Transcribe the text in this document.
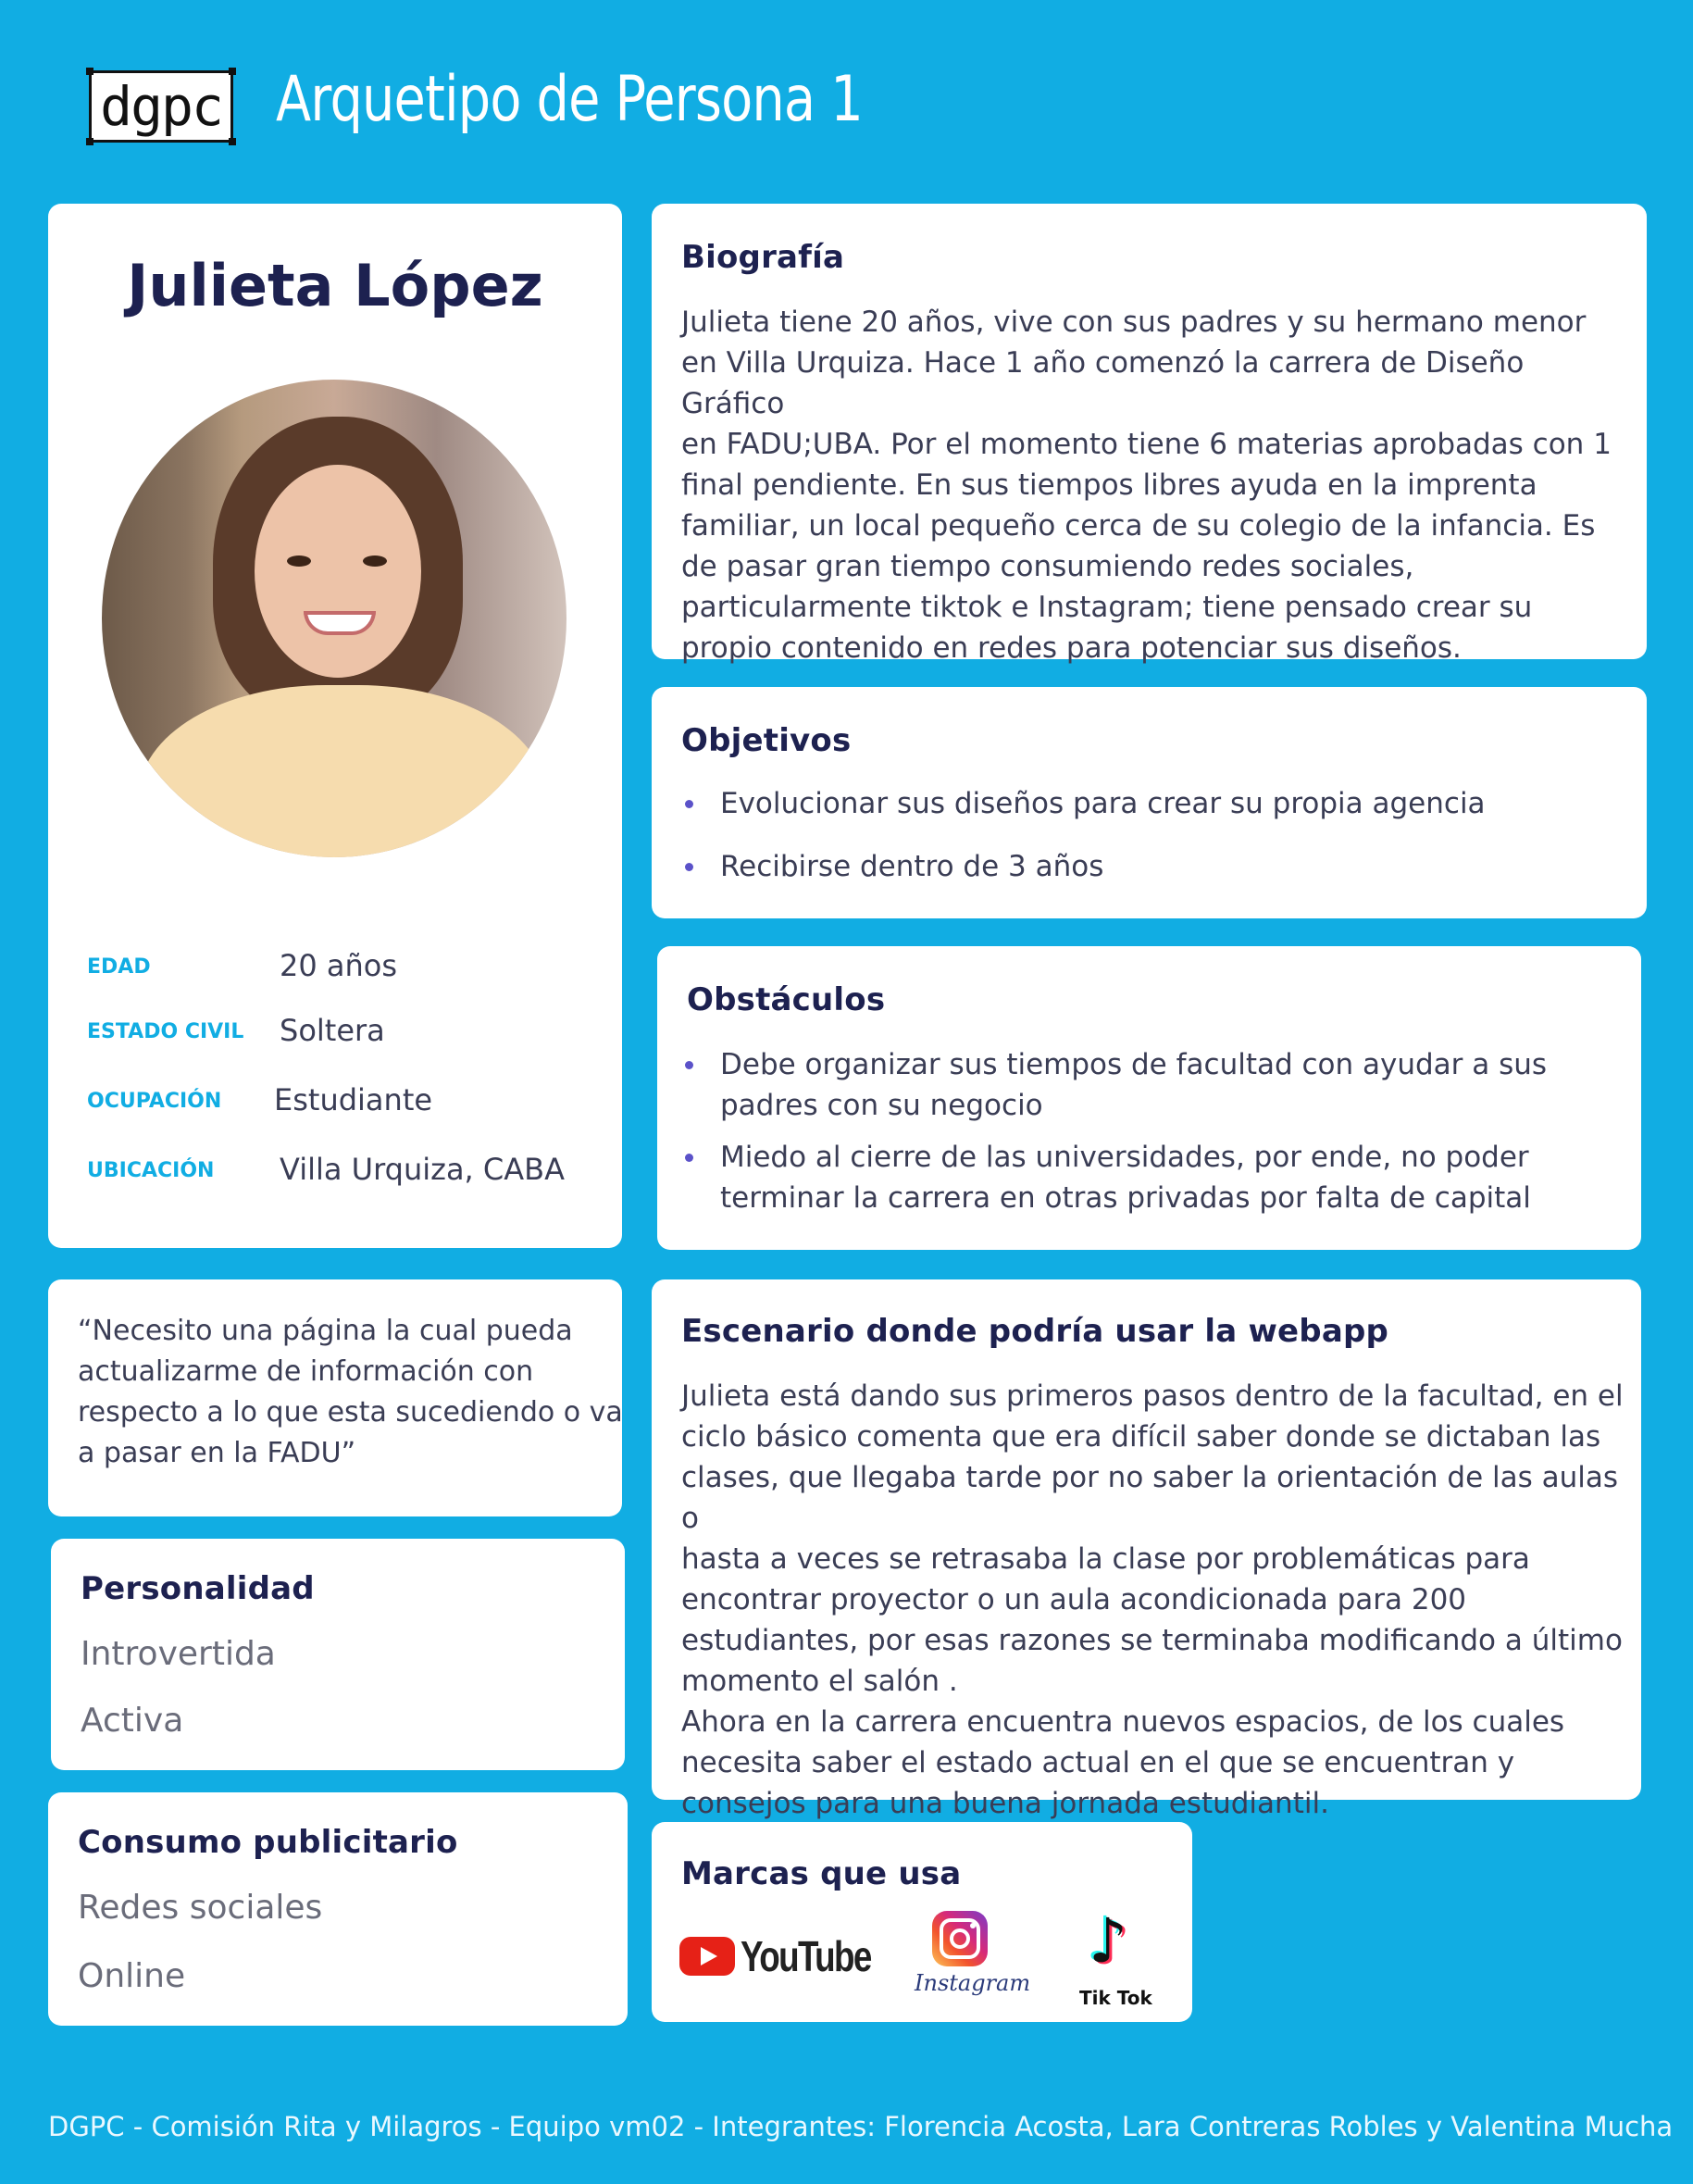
dgpc Arquetipo de Persona 1
Julieta López
EDAD	20 años
ESTADO CIVIL Soltera
OCUPACIÓN Estudiante
UBICACIÓN Villa Urquiza, CABA
Biografía
Julieta tiene 20 años, vive con sus padres y su hermano menor
en Villa Urquiza. Hace 1 año comenzó la carrera de Diseño Gráfico
en FADU;UBA. Por el momento tiene 6 materias aprobadas con 1
final pendiente. En sus tiempos libres ayuda en la imprenta
familiar, un local pequeño cerca de su colegio de la infancia. Es
de pasar gran tiempo consumiendo redes sociales,
particularmente tiktok e Instagram; tiene pensado crear su
propio contenido en redes para potenciar sus diseños.
Objetivos
Evolucionar sus diseños para crear su propia agencia
Recibirse dentro de 3 años
Obstáculos
Debe organizar sus tiempos de facultad con ayudar a sus padres con su negocio
Miedo al cierre de las universidades, por ende, no poder terminar la carrera en otras privadas por falta de capital
“Necesito una página la cual pueda
actualizarme de información con
respecto a lo que esta sucediendo o va
a pasar en la FADU”
Escenario donde podría usar la webapp
Julieta está dando sus primeros pasos dentro de la facultad, en el
ciclo básico comenta que era difícil saber donde se dictaban las
clases, que llegaba tarde por no saber la orientación de las aulas o
hasta a veces se retrasaba la clase por problemáticas para
encontrar proyector o un aula acondicionada para 200
estudiantes, por esas razones se terminaba modificando a último
momento el salón .
Ahora en la carrera encuentra nuevos espacios, de los cuales
necesita saber el estado actual en el que se encuentran y
consejos para una buena jornada estudiantil.
Personalidad
Introvertida
Activa
Consumo publicitario
Redes sociales
Online
Marcas que usa
YouTube
Instagram
♪
Tik Tok
DGPC - Comisión Rita y Milagros - Equipo vm02 - Integrantes: Florencia Acosta, Lara Contreras Robles y Valentina Mucha
